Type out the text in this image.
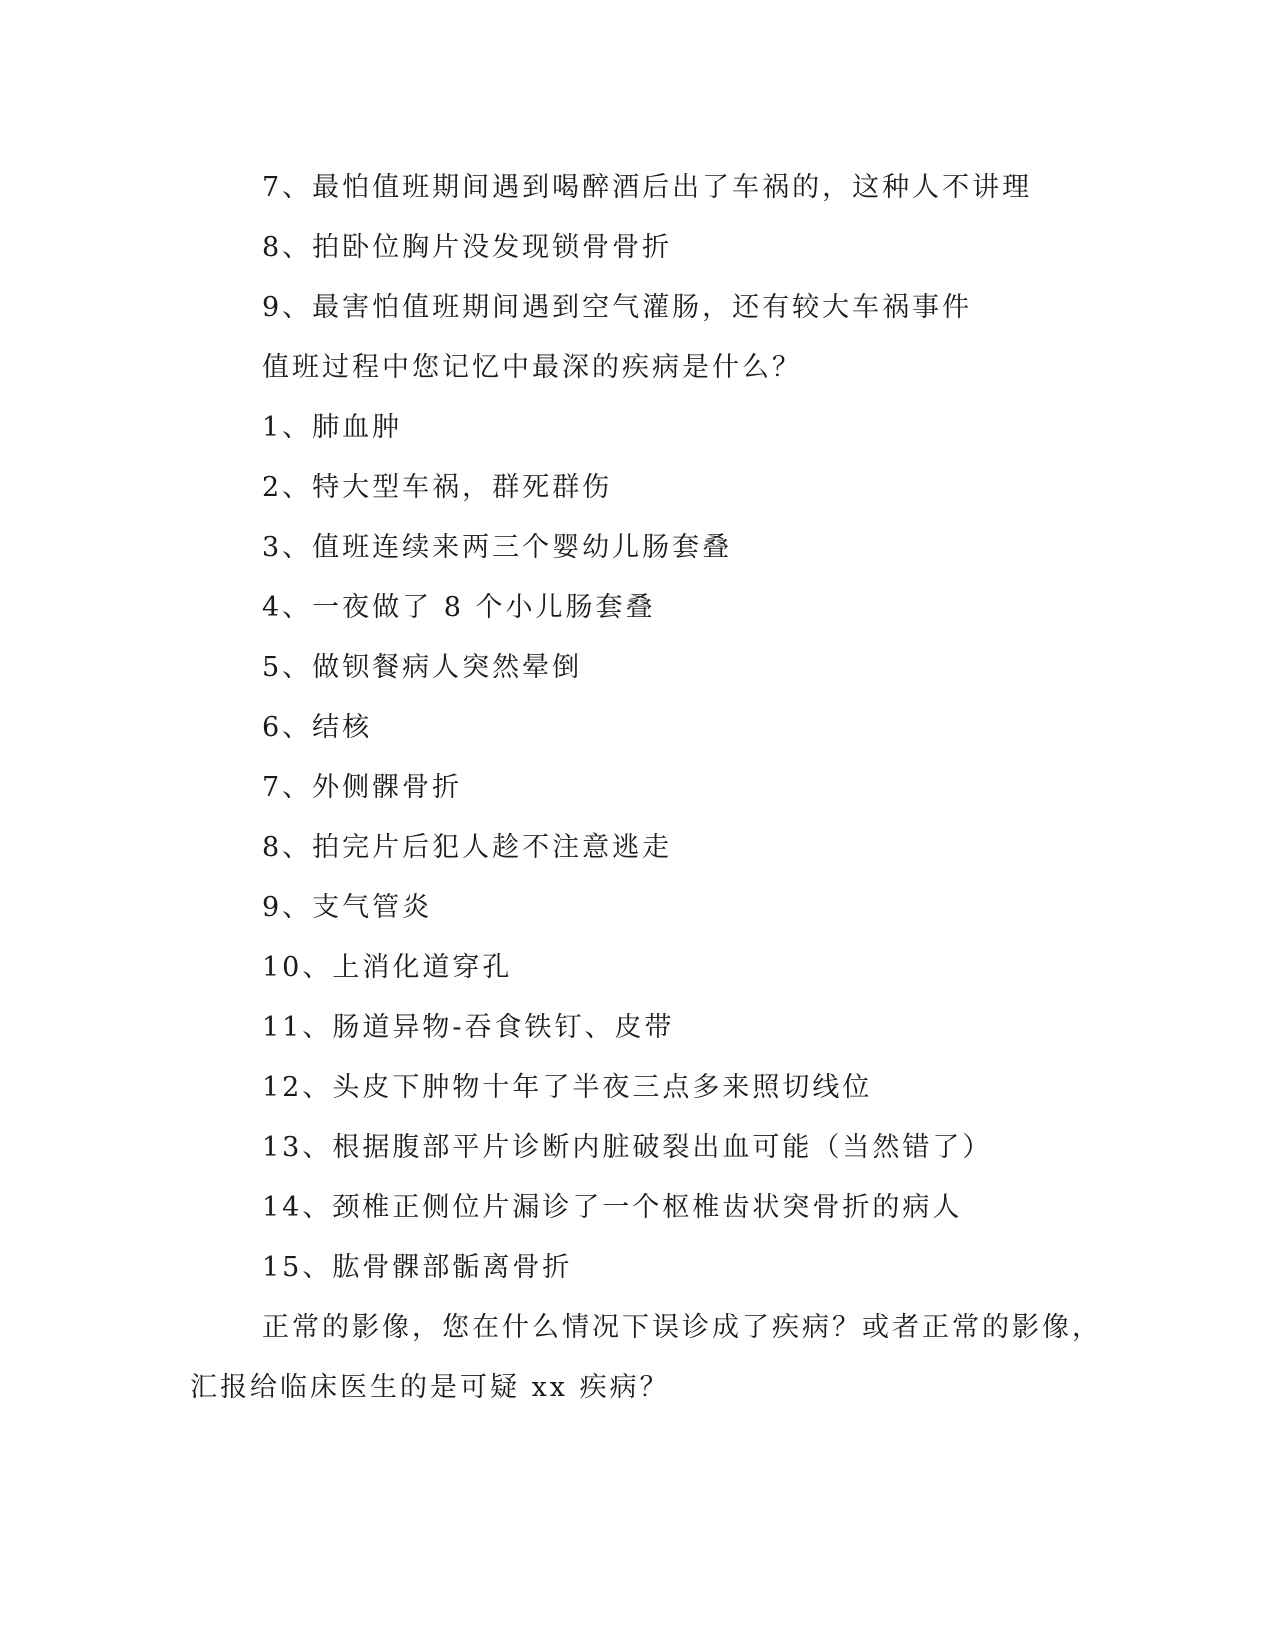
7、最怕值班期间遇到喝醉酒后出了车祸的，这种人不讲理
8、拍卧位胸片没发现锁骨骨折
9、最害怕值班期间遇到空气灌肠，还有较大车祸事件
值班过程中您记忆中最深的疾病是什么？
1、肺血肿
2、特大型车祸，群死群伤
3、值班连续来两三个婴幼儿肠套叠
4、一夜做了 8 个小儿肠套叠
5、做钡餐病人突然晕倒
6、结核
7、外侧髁骨折
8、拍完片后犯人趁不注意逃走
9、支气管炎
10、上消化道穿孔
11、肠道异物-吞食铁钉、皮带
12、头皮下肿物十年了半夜三点多来照切线位
13、根据腹部平片诊断内脏破裂出血可能（当然错了）
14、颈椎正侧位片漏诊了一个枢椎齿状突骨折的病人
15、肱骨髁部骺离骨折
正常的影像，您在什么情况下误诊成了疾病？或者正常的影像，
汇报给临床医生的是可疑 xx 疾病？
